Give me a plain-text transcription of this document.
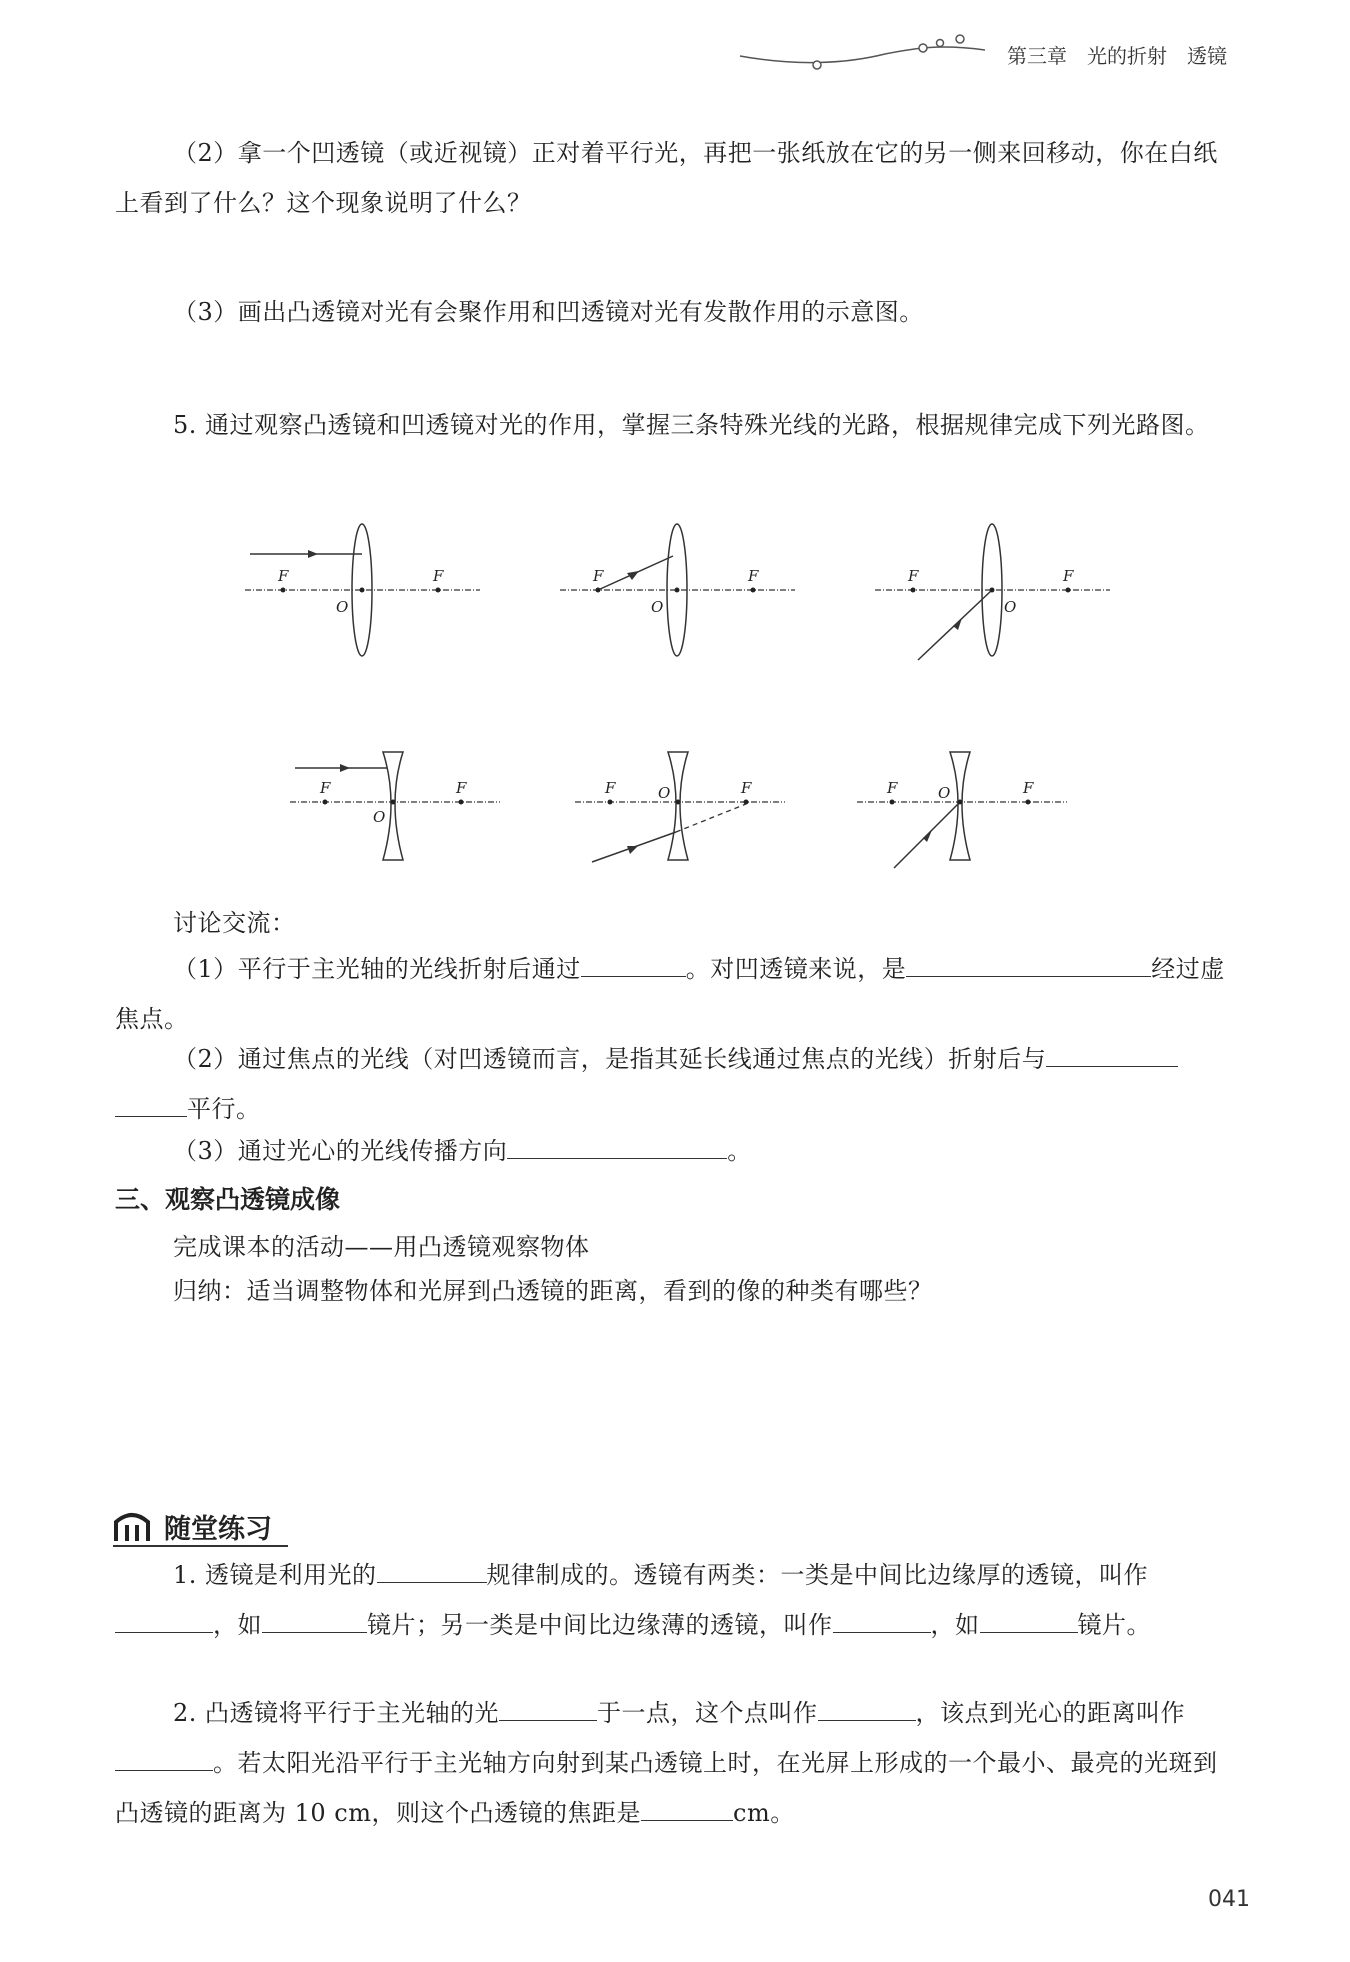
第三章　光的折射　透镜
（2）拿一个凹透镜（或近视镜）正对着平行光，再把一张纸放在它的另一侧来回移动，你在白纸上看到了什么？这个现象说明了什么？
（3）画出凸透镜对光有会聚作用和凹透镜对光有发散作用的示意图。
5. 通过观察凸透镜和凹透镜对光的作用，掌握三条特殊光线的光路，根据规律完成下列光路图。
F	F
O
F	F
O
F	F
O
F	F
O
F	F
O	F	F
O
讨论交流：
（1）平行于主光轴的光线折射后通过	。对凹透镜来说，是	经过虚焦点。
（2）通过焦点的光线（对凹透镜而言，是指其延长线通过焦点的光线）折射后与平行。
（3）通过光心的光线传播方向	。
三、观察凸透镜成像
完成课本的活动——用凸透镜观察物体
归纳：适当调整物体和光屏到凸透镜的距离，看到的像的种类有哪些？
随堂练习
1. 透镜是利用光的	规律制成的。透镜有两类：一类是中间比边缘厚的透镜，叫作，如	镜片；另一类是中间比边缘薄的透镜，叫作	，如	镜片。
2. 凸透镜将平行于主光轴的光	于一点，这个点叫作	，该点到光心的距离叫作。若太阳光沿平行于主光轴方向射到某凸透镜上时，在光屏上形成的一个最小、最亮的光斑到凸透镜的距离为 10 cm，则这个凸透镜的焦距是	cm。
041
